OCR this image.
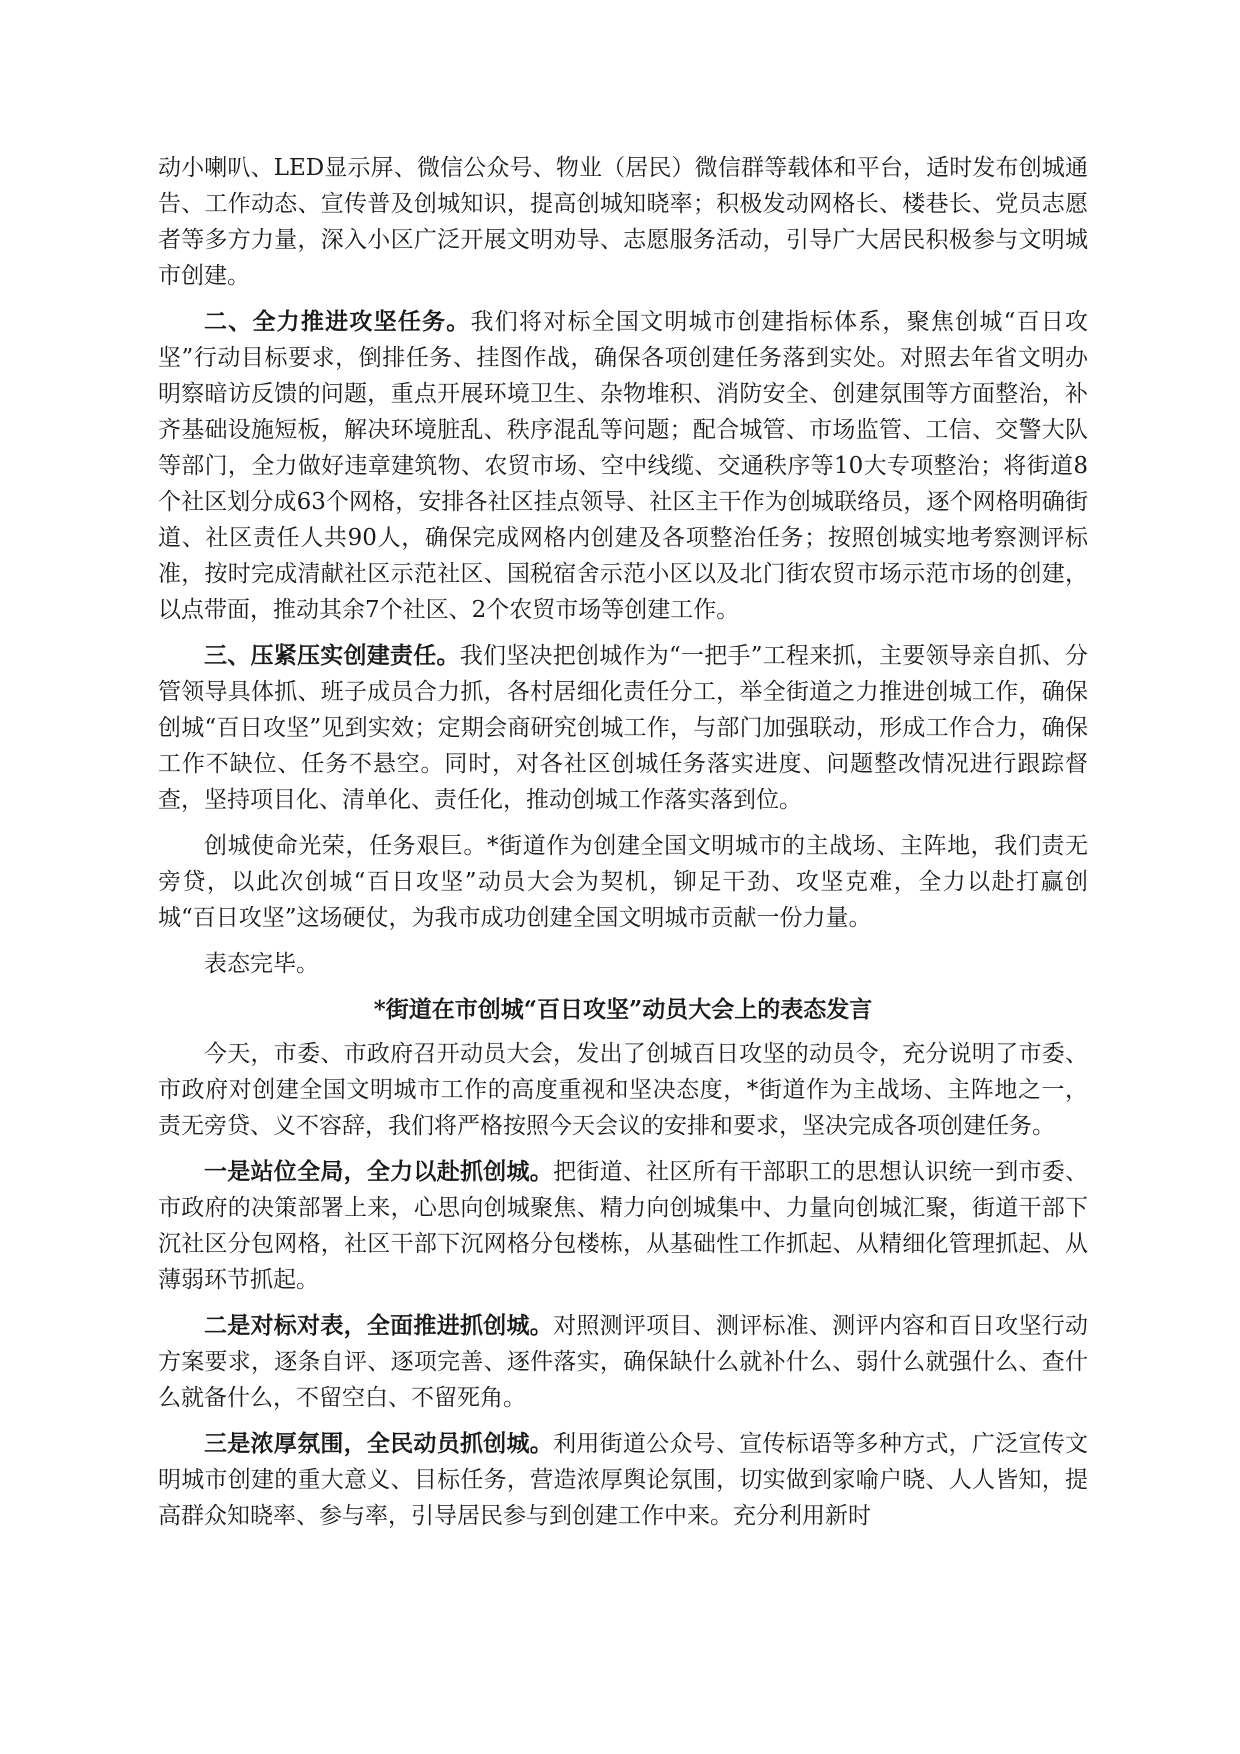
动小喇叭、LED显示屏、微信公众号、物业（居民）微信群等载体和平台，适时发布创城通告、工作动态、宣传普及创城知识，提高创城知晓率；积极发动网格长、楼巷长、党员志愿者等多方力量，深入小区广泛开展文明劝导、志愿服务活动，引导广大居民积极参与文明城市创建。

二、全力推进攻坚任务。我们将对标全国文明城市创建指标体系，聚焦创城“百日攻坚”行动目标要求，倒排任务、挂图作战，确保各项创建任务落到实处。对照去年省文明办明察暗访反馈的问题，重点开展环境卫生、杂物堆积、消防安全、创建氛围等方面整治，补齐基础设施短板，解决环境脏乱、秩序混乱等问题；配合城管、市场监管、工信、交警大队等部门，全力做好违章建筑物、农贸市场、空中线缆、交通秩序等10大专项整治；将街道8个社区划分成63个网格，安排各社区挂点领导、社区主干作为创城联络员，逐个网格明确街道、社区责任人共90人，确保完成网格内创建及各项整治任务；按照创城实地考察测评标准，按时完成清献社区示范社区、国税宿舍示范小区以及北门街农贸市场示范市场的创建，以点带面，推动其余7个社区、2个农贸市场等创建工作。

三、压紧压实创建责任。我们坚决把创城作为“一把手”工程来抓，主要领导亲自抓、分管领导具体抓、班子成员合力抓，各村居细化责任分工，举全街道之力推进创城工作，确保创城“百日攻坚”见到实效；定期会商研究创城工作，与部门加强联动，形成工作合力，确保工作不缺位、任务不悬空。同时，对各社区创城任务落实进度、问题整改情况进行跟踪督查，坚持项目化、清单化、责任化，推动创城工作落实落到位。

创城使命光荣，任务艰巨。*街道作为创建全国文明城市的主战场、主阵地，我们责无旁贷，以此次创城“百日攻坚”动员大会为契机，铆足干劲、攻坚克难，全力以赴打赢创城“百日攻坚”这场硬仗，为我市成功创建全国文明城市贡献一份力量。

表态完毕。

*街道在市创城“百日攻坚”动员大会上的表态发言

今天，市委、市政府召开动员大会，发出了创城百日攻坚的动员令，充分说明了市委、市政府对创建全国文明城市工作的高度重视和坚决态度，*街道作为主战场、主阵地之一，责无旁贷、义不容辞，我们将严格按照今天会议的安排和要求，坚决完成各项创建任务。

一是站位全局，全力以赴抓创城。把街道、社区所有干部职工的思想认识统一到市委、市政府的决策部署上来，心思向创城聚焦、精力向创城集中、力量向创城汇聚，街道干部下沉社区分包网格，社区干部下沉网格分包楼栋，从基础性工作抓起、从精细化管理抓起、从薄弱环节抓起。

二是对标对表，全面推进抓创城。对照测评项目、测评标准、测评内容和百日攻坚行动方案要求，逐条自评、逐项完善、逐件落实，确保缺什么就补什么、弱什么就强什么、查什么就备什么，不留空白、不留死角。

三是浓厚氛围，全民动员抓创城。利用街道公众号、宣传标语等多种方式，广泛宣传文明城市创建的重大意义、目标任务，营造浓厚舆论氛围，切实做到家喻户晓、人人皆知，提高群众知晓率、参与率，引导居民参与到创建工作中来。充分利用新时
